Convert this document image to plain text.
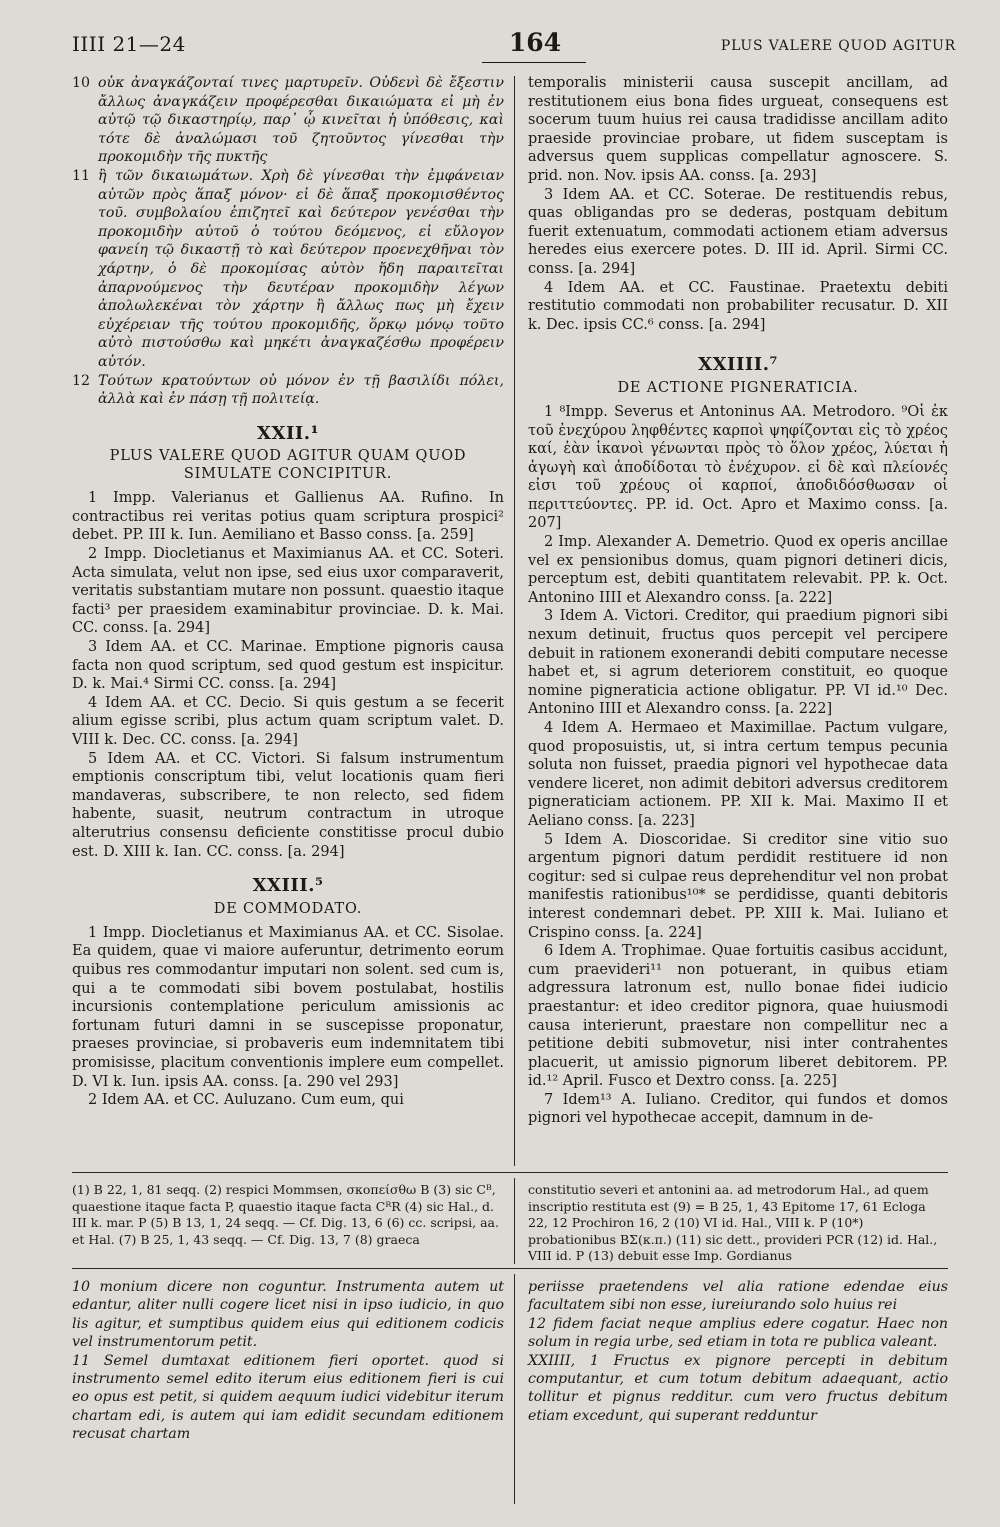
IIII 21—24	164	PLUS VALERE QUOD AGITUR
10 οὐκ ἀναγκάζονταί τινες μαρτυρεῖν. Οὐδενὶ δὲ ἔξεστιν ἄλλως ἀναγκάζειν προφέρεσθαι δικαιώματα εἰ μὴ ἐν αὐτῷ τῷ δικαστηρίῳ, παρ᾽ ᾧ κινεῖται ἡ ὑπόθεσις, καὶ τότε δὲ ἀναλώμασι τοῦ ζητοῦντος γίνεσθαι τὴν προκομιδὴν τῆς πυκτῆς
11 ἢ τῶν δικαιωμάτων. Χρὴ δὲ γίνεσθαι τὴν ἐμφάνειαν αὐτῶν πρὸς ἅπαξ μόνον· εἰ δὲ ἅπαξ προκομισθέντος τοῦ. συμβολαίου ἐπιζητεῖ καὶ δεύτερον γενέσθαι τὴν προκομιδὴν αὐτοῦ ὁ τούτου δεόμενος, εἰ εὔλογον φανείη τῷ δικαστῇ τὸ καὶ δεύτερον προενεχθῆναι τὸν χάρτην, ὁ δὲ προκομίσας αὐτὸν ἤδη παραιτεῖται ἀπαρνούμενος τὴν δευτέραν προκομιδὴν λέγων ἀπολωλεκέναι τὸν χάρτην ἢ ἄλλως πως μὴ ἔχειν εὐχέρειαν τῆς τούτου προκομιδῆς, ὅρκῳ μόνῳ τοῦτο αὐτὸ πιστούσθω καὶ μηκέτι ἀναγκαζέσθω προφέρειν αὐτόν.
12 Τούτων κρατούντων οὐ μόνον ἐν τῇ βασιλίδι πόλει, ἀλλὰ καὶ ἐν πάσῃ τῇ πολιτείᾳ.
XXII.¹
PLUS VALERE QUOD AGITUR QUAM QUOD SIMULATE CONCIPITUR.

1 Impp. Valerianus et Gallienus AA. Rufino. In contractibus rei veritas potius quam scriptura prospici² debet. PP. III k. Iun. Aemiliano et Basso conss. [a. 259]

2 Impp. Diocletianus et Maximianus AA. et CC. Soteri. Acta simulata, velut non ipse, sed eius uxor comparaverit, veritatis substantiam mutare non possunt. quaestio itaque facti³ per praesidem examinabitur provinciae. D. k. Mai. CC. conss. [a. 294]

3 Idem AA. et CC. Marinae. Emptione pignoris causa facta non quod scriptum, sed quod gestum est inspicitur. D. k. Mai.⁴ Sirmi CC. conss. [a. 294]

4 Idem AA. et CC. Decio. Si quis gestum a se fecerit alium egisse scribi, plus actum quam scriptum valet. D. VIII k. Dec. CC. conss. [a. 294]

5 Idem AA. et CC. Victori. Si falsum instrumentum emptionis conscriptum tibi, velut locationis quam fieri mandaveras, subscribere, te non relecto, sed fidem habente, suasit, neutrum contractum in utroque alterutrius consensu deficiente constitisse procul dubio est. D. XIII k. Ian. CC. conss. [a. 294]

XXIII.⁵
DE COMMODATO.

1 Impp. Diocletianus et Maximianus AA. et CC. Sisolae. Ea quidem, quae vi maiore auferuntur, detrimento eorum quibus res commodantur imputari non solent. sed cum is, qui a te commodati sibi bovem postulabat, hostilis incursionis contemplatione periculum amissionis ac fortunam futuri damni in se suscepisse proponatur, praeses provinciae, si probaveris eum indemnitatem tibi promisisse, placitum conventionis implere eum compellet. D. VI k. Iun. ipsis AA. conss. [a. 290 vel 293]

2 Idem AA. et CC. Auluzano. Cum eum, qui

temporalis ministerii causa suscepit ancillam, ad restitutionem eius bona fides urgueat, consequens est socerum tuum huius rei causa tradidisse ancillam adito praeside provinciae probare, ut fidem susceptam is adversus quem supplicas compellatur agnoscere. S. prid. non. Nov. ipsis AA. conss. [a. 293]

3 Idem AA. et CC. Soterae. De restituendis rebus, quas obligandas pro se dederas, postquam debitum fuerit extenuatum, commodati actionem etiam adversus heredes eius exercere potes. D. III id. April. Sirmi CC. conss. [a. 294]

4 Idem AA. et CC. Faustinae. Praetextu debiti restitutio commodati non probabiliter recusatur. D. XII k. Dec. ipsis CC.⁶ conss. [a. 294]

XXIIII.⁷
DE ACTIONE PIGNERATICIA.

1 ⁸Impp. Severus et Antoninus AA. Metrodoro. ⁹Οἱ ἐκ τοῦ ἐνεχύρου ληφθέντες καρποὶ ψηφίζονται εἰς τὸ χρέος καί, ἐὰν ἱκανοὶ γένωνται πρὸς τὸ ὅλον χρέος, λύεται ἡ ἀγωγὴ καὶ ἀποδίδοται τὸ ἐνέχυρον. εἰ δὲ καὶ πλείονές εἰσι τοῦ χρέους οἱ καρποί, ἀποδιδόσθωσαν οἱ περιττεύοντες. PP. id. Oct. Apro et Maximo conss. [a. 207]

2 Imp. Alexander A. Demetrio. Quod ex operis ancillae vel ex pensionibus domus, quam pignori detineri dicis, perceptum est, debiti quantitatem relevabit. PP. k. Oct. Antonino IIII et Alexandro conss. [a. 222]

3 Idem A. Victori. Creditor, qui praedium pignori sibi nexum detinuit, fructus quos percepit vel percipere debuit in rationem exonerandi debiti computare necesse habet et, si agrum deteriorem constituit, eo quoque nomine pigneraticia actione obligatur. PP. VI id.¹⁰ Dec. Antonino IIII et Alexandro conss. [a. 222]

4 Idem A. Hermaeo et Maximillae. Pactum vulgare, quod proposuistis, ut, si intra certum tempus pecunia soluta non fuisset, praedia pignori vel hypothecae data vendere liceret, non adimit debitori adversus creditorem pigneraticiam actionem. PP. XII k. Mai. Maximo II et Aeliano conss. [a. 223]

5 Idem A. Dioscoridae. Si creditor sine vitio suo argentum pignori datum perdidit restituere id non cogitur: sed si culpae reus deprehenditur vel non probat manifestis rationibus¹⁰* se perdidisse, quanti debitoris interest condemnari debet. PP. XIII k. Mai. Iuliano et Crispino conss. [a. 224]

6 Idem A. Trophimae. Quae fortuitis casibus accidunt, cum praevideri¹¹ non potuerant, in quibus etiam adgressura latronum est, nullo bonae fidei iudicio praestantur: et ideo creditor pignora, quae huiusmodi causa interierunt, praestare non compellitur nec a petitione debiti submovetur, nisi inter contrahentes placuerit, ut amissio pignorum liberet debitorem. PP. id.¹² April. Fusco et Dextro conss. [a. 225]

7 Idem¹³ A. Iuliano. Creditor, qui fundos et domos pignori vel hypothecae accepit, damnum in de-

(1) B 22, 1, 81 seqq. (2) respici Mommsen, σκοπείσθω B (3) sic Cᴮ, quaestione itaque facta P, quaestio itaque facta CᴿR (4) sic Hal., d. III k. mar. P (5) B 13, 1, 24 seqq. — Cf. Dig. 13, 6 (6) cc. scripsi, aa. et Hal. (7) B 25, 1, 43 seqq. — Cf. Dig. 13, 7 (8) graeca
constitutio severi et antonini aa. ad metrodorum Hal., ad quem inscriptio restituta est (9) = B 25, 1, 43 Epitome 17, 61 Ecloga 22, 12 Prochiron 16, 2 (10) VI id. Hal., VIII k. P (10*) probationibus BΣ(κ.π.) (11) sic dett., provideri PCR (12) id. Hal., VIII id. P (13) debuit esse Imp. Gordianus

10 monium dicere non coguntur. Instrumenta autem ut edantur, aliter nulli cogere licet nisi in ipso iudicio, in quo lis agitur, et sumptibus quidem eius qui editionem codicis vel instrumentorum petit.

11 Semel dumtaxat editionem fieri oportet. quod si instrumento semel edito iterum eius editionem fieri is cui eo opus est petit, si quidem aequum iudici videbitur iterum chartam edi, is autem qui iam edidit secundam editionem recusat chartam

periisse praetendens vel alia ratione edendae eius facultatem sibi non esse, iureiurando solo huius rei

12 fidem faciat neque amplius edere cogatur. Haec non solum in regia urbe, sed etiam in tota re publica valeant.

XXIIII, 1 Fructus ex pignore percepti in debitum computantur, et cum totum debitum adaequant, actio tollitur et pignus redditur. cum vero fructus debitum etiam excedunt, qui superant redduntur
